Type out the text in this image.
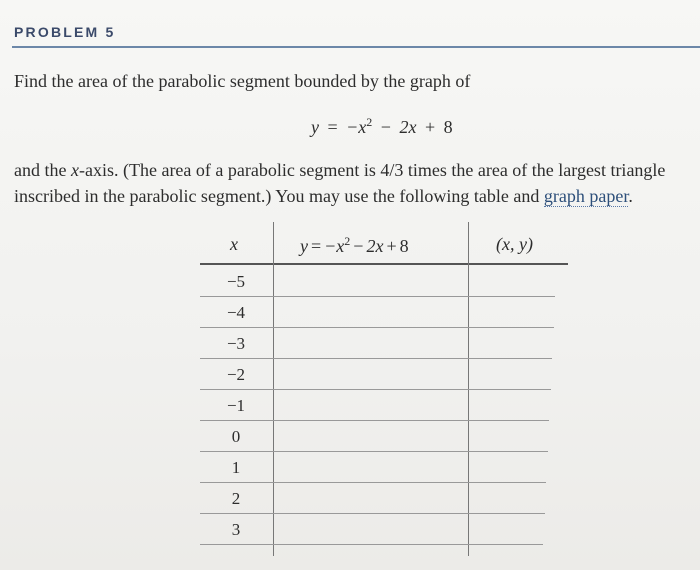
PROBLEM 5
Find the area of the parabolic segment bounded by the graph of
$y = -x^2 - 2x + 8$
and the x-axis. (The area of a parabolic segment is 4/3 times the area of the largest triangle inscribed in the parabolic segment.) You may use the following table and graph paper.
x	$y = -x^2 - 2x + 8$	(x, y)
−5
−4
−3
−2
−1
0
1
2
3
